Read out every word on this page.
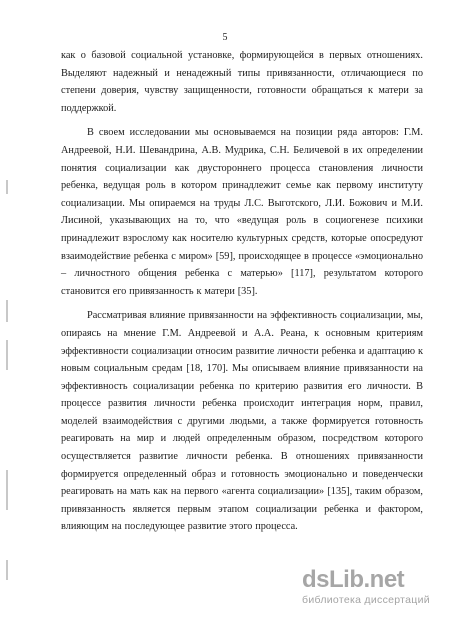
5

как о базовой социальной установке, формирующейся в первых отношениях. Выделяют надежный и ненадежный типы привязанности, отличающиеся по степени доверия, чувству защищенности, готовности обращаться к матери за поддержкой.

В своем исследовании мы основываемся на позиции ряда авторов: Г.М. Андреевой, Н.И. Шевандрина, А.В. Мудрика, С.Н. Беличевой в их определении понятия социализации как двустороннего процесса становления личности ребенка, ведущая роль в котором принадлежит семье как первому институту социализации. Мы опираемся на труды Л.С. Выготского, Л.И. Божович и М.И. Лисиной, указывающих на то, что «ведущая роль в социогенезе психики принадлежит взрослому как носителю культурных средств, которые опосредуют взаимодействие ребенка с миром» [59], происходящее в процессе «эмоционально – личностного общения ребенка с матерью» [117], результатом которого становится его привязанность к матери [35].

Рассматривая влияние привязанности на эффективность социализации, мы, опираясь на мнение Г.М. Андреевой и А.А. Реана, к основным критериям эффективности социализации относим развитие личности ребенка и адаптацию к новым социальным средам [18, 170]. Мы описываем влияние привязанности на эффективность социализации ребенка по критерию развития его личности. В процессе развития личности ребенка происходит интеграция норм, правил, моделей взаимодействия с другими людьми, а также формируется готовность реагировать на мир и людей определенным образом, посредством которого осуществляется развитие личности ребенка. В отношениях привязанности формируется определенный образ и готовность эмоционально и поведенчески реагировать на мать как на первого «агента социализации» [135], таким образом, привязанность является первым этапом социализации ребенка и фактором, влияющим на последующее развитие этого процесса.

dsLib.net
библиотека диссертаций
